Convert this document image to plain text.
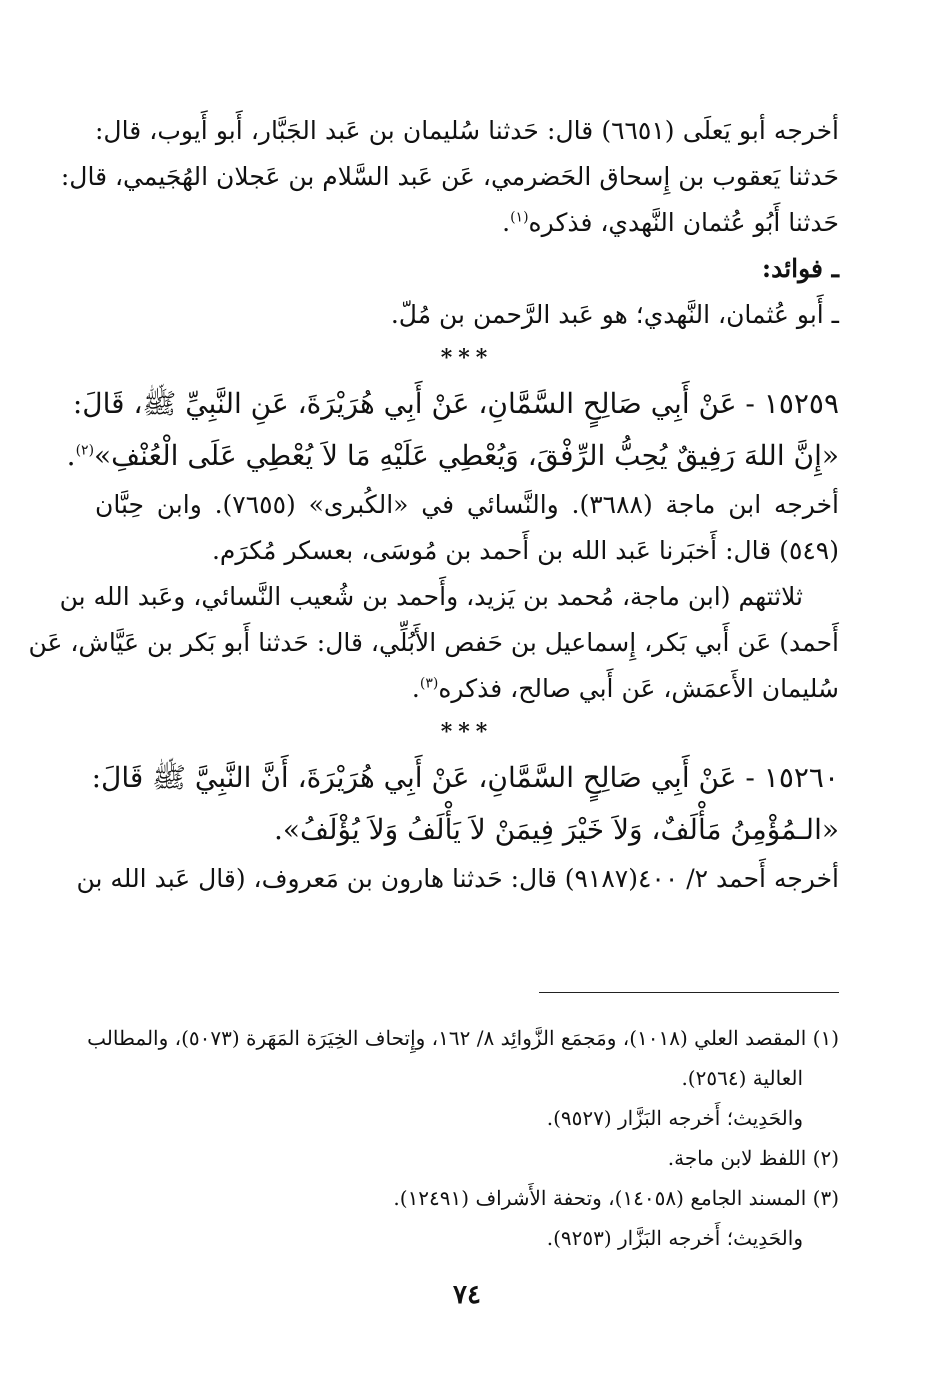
أخرجه أبو يَعلَى (٦٦٥١) قال: حَدثنا سُليمان بن عَبد الجَبَّار، أَبو أَيوب، قال:
حَدثنا يَعقوب بن إِسحاق الحَضرمي، عَن عَبد السَّلام بن عَجلان الهُجَيمي، قال:
حَدثنا أَبُو عُثمان النَّهدي، فذكره$^{(١)}$.
ـ فوائد:
ـ أَبو عُثمان، النَّهدي؛ هو عَبد الرَّحمن بن مُلّ.
***
١٥٢٥٩ - عَنْ أَبِي صَالِحٍ السَّمَّانِ، عَنْ أَبِي هُرَيْرَةَ، عَنِ النَّبِيِّ ﷺ، قَالَ:
«إِنَّ اللهَ رَفِيقٌ يُحِبُّ الرِّفْقَ، وَيُعْطِي عَلَيْهِ مَا لاَ يُعْطِي عَلَى الْعُنْفِ»$^{(٢)}$.
أخرجه ابن ماجة (٣٦٨٨). والنَّسائي في «الكُبرى» (٧٦٥٥). وابن حِبَّان
(٥٤٩) قال: أَخبَرنا عَبد الله بن أَحمد بن مُوسَى، بعسكر مُكرَم.
ثلاثتهم (ابن ماجة، مُحمد بن يَزيد، وأَحمد بن شُعيب النَّسائي، وعَبد الله بن
أَحمد) عَن أَبي بَكر، إِسماعيل بن حَفص الأَبُلِّي، قال: حَدثنا أَبو بَكر بن عَيَّاش، عَن
سُليمان الأَعمَش، عَن أَبي صالح، فذكره$^{(٣)}$.
***
١٥٢٦٠ - عَنْ أَبِي صَالِحٍ السَّمَّانِ، عَنْ أَبِي هُرَيْرَةَ، أَنَّ النَّبِيَّ ﷺ قَالَ:
«الـمُؤْمِنُ مَأْلَفٌ، وَلاَ خَيْرَ فِيمَنْ لاَ يَأْلَفُ وَلاَ يُؤْلَفُ».
أخرجه أَحمد ٢/ ٤٠٠(٩١٨٧) قال: حَدثنا هارون بن مَعروف، (قال عَبد الله بن
(١) المقصد العلي (١٠١٨)، ومَجمَع الزَّوائِد ٨/ ١٦٢، وإِتحاف الخِيَرَة المَهَرة (٥٠٧٣)، والمطالب
العالية (٢٥٦٤).
والحَدِيث؛ أَخرجه البَزَّار (٩٥٢٧).
(٢) اللفظ لابن ماجة.
(٣) المسند الجامع (١٤٠٥٨)، وتحفة الأَشراف (١٢٤٩١).
والحَدِيث؛ أَخرجه البَزَّار (٩٢٥٣).
٧٤
